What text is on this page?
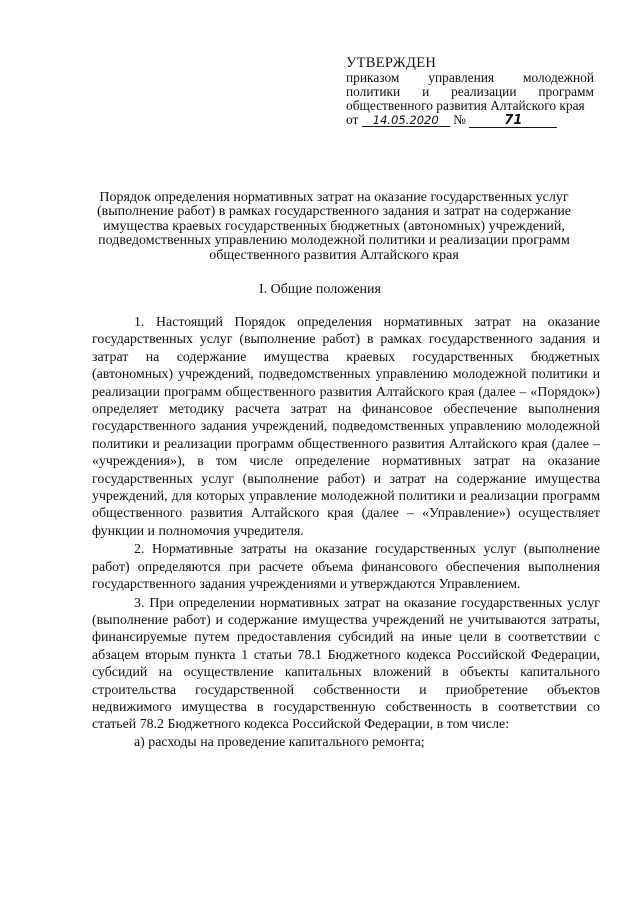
УТВЕРЖДЕН
приказом управления молодежной политики и реализации программ общественного развития Алтайского края
от 14.05.2020 №	71
Порядок определения нормативных затрат на оказание государственных услуг (выполнение работ) в рамках государственного задания и затрат на содержание имущества краевых государственных бюджетных (автономных) учреждений, подведомственных управлению молодежной политики и реализации программ общественного развития Алтайского края
I. Общие положения

1. Настоящий Порядок определения нормативных затрат на оказание государственных услуг (выполнение работ) в рамках государственного задания и затрат на содержание имущества краевых государственных бюджетных (автономных) учреждений, подведомственных управлению молодежной политики и реализации программ общественного развития Алтайского края (далее – «Порядок») определяет методику расчета затрат на финансовое обеспечение выполнения государственного задания учреждений, подведомственных управлению молодежной политики и реализации программ общественного развития Алтайского края (далее – «учреждения»), в том числе определение нормативных затрат на оказание государственных услуг (выполнение работ) и затрат на содержание имущества учреждений, для которых управление молодежной политики и реализации программ общественного развития Алтайского края (далее – «Управление») осуществляет функции и полномочия учредителя.

2. Нормативные затраты на оказание государственных услуг (выполнение работ) определяются при расчете объема финансового обеспечения выполнения государственного задания учреждениями и утверждаются Управлением.

3. При определении нормативных затрат на оказание государственных услуг (выполнение работ) и содержание имущества учреждений не учитываются затраты, финансируемые путем предоставления субсидий на иные цели в соответствии с абзацем вторым пункта 1 статьи 78.1 Бюджетного кодекса Российской Федерации, субсидий на осуществление капитальных вложений в объекты капитального строительства государственной собственности и приобретение объектов недвижимого имущества в государственную собственность в соответствии со статьей 78.2 Бюджетного кодекса Российской Федерации, в том числе:

а) расходы на проведение капитального ремонта;
